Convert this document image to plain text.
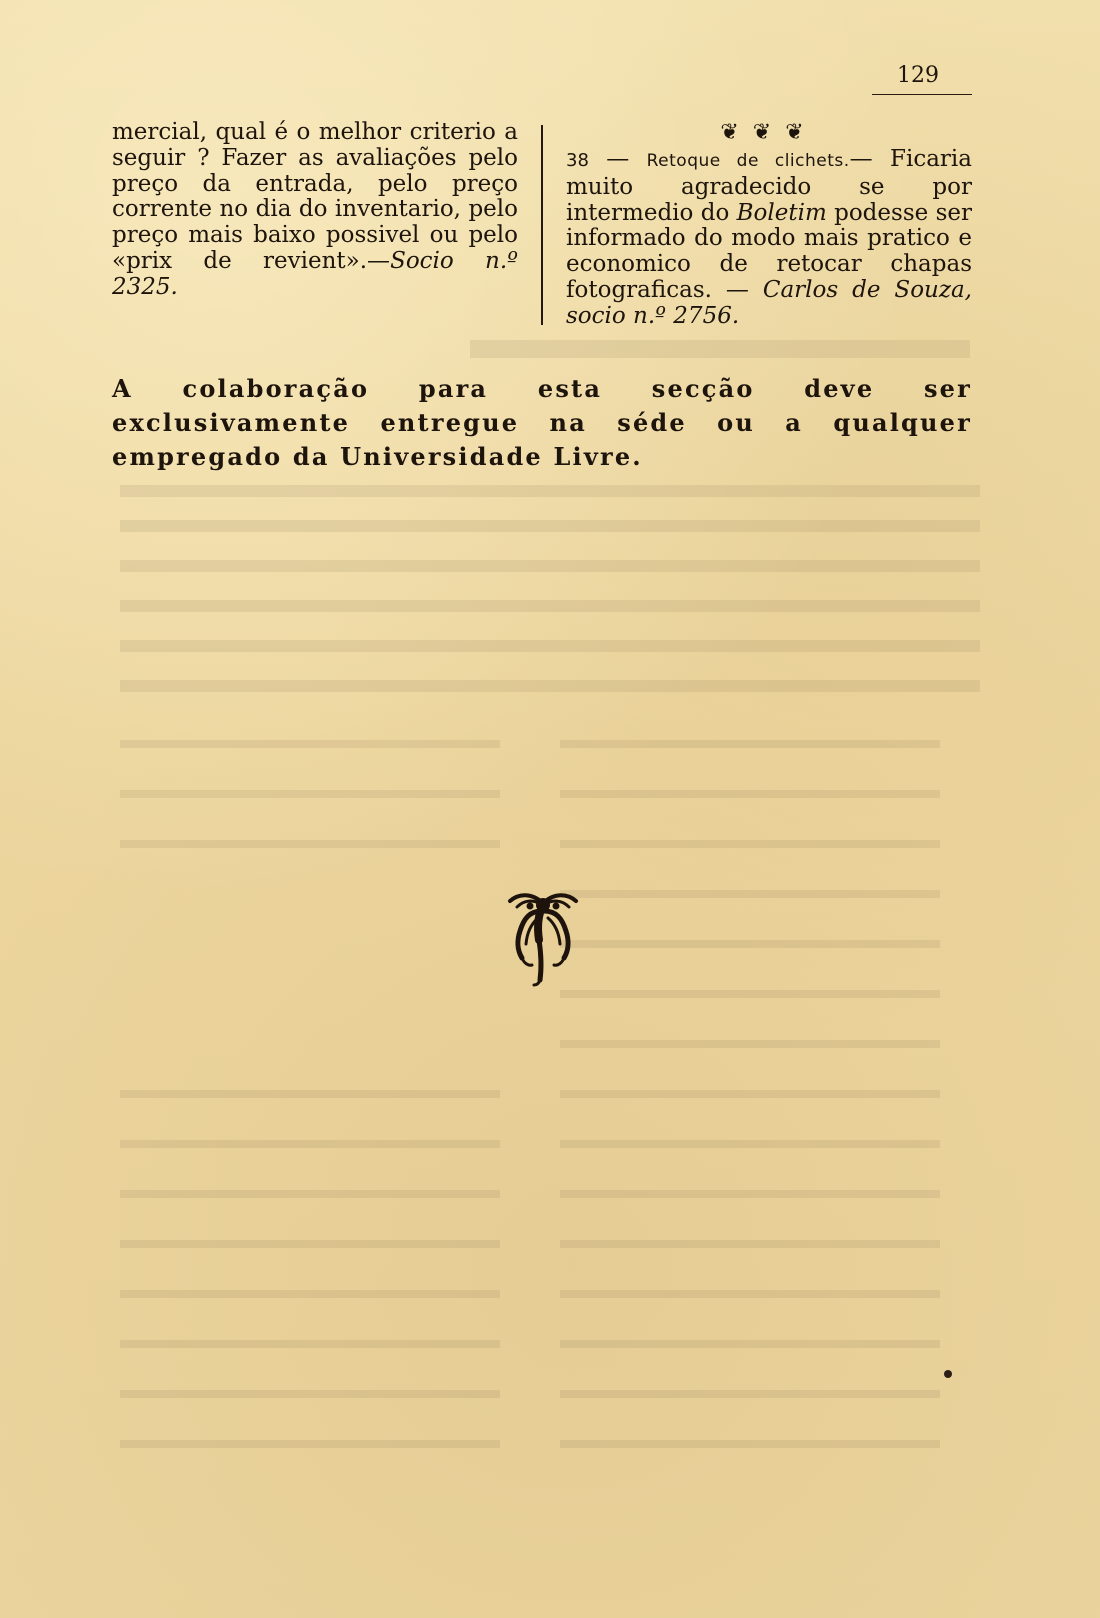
129
mercial, qual é o melhor criterio a seguir ? Fazer as avaliações pelo preço da entrada, pelo preço corrente no dia do inventario, pelo preço mais baixo possivel ou pelo «prix de revient».—Socio n.º 2325.
❦❦❦
38 — Retoque de clichets.— Ficaria muito agradecido se por intermedio do Boletim podesse ser informado do modo mais pratico e economico de retocar chapas fotograficas. — Carlos de Souza, socio n.º 2756.
A colaboração para esta secção deve ser exclusivamente entregue na séde ou a qualquer empregado da Universidade Livre.
